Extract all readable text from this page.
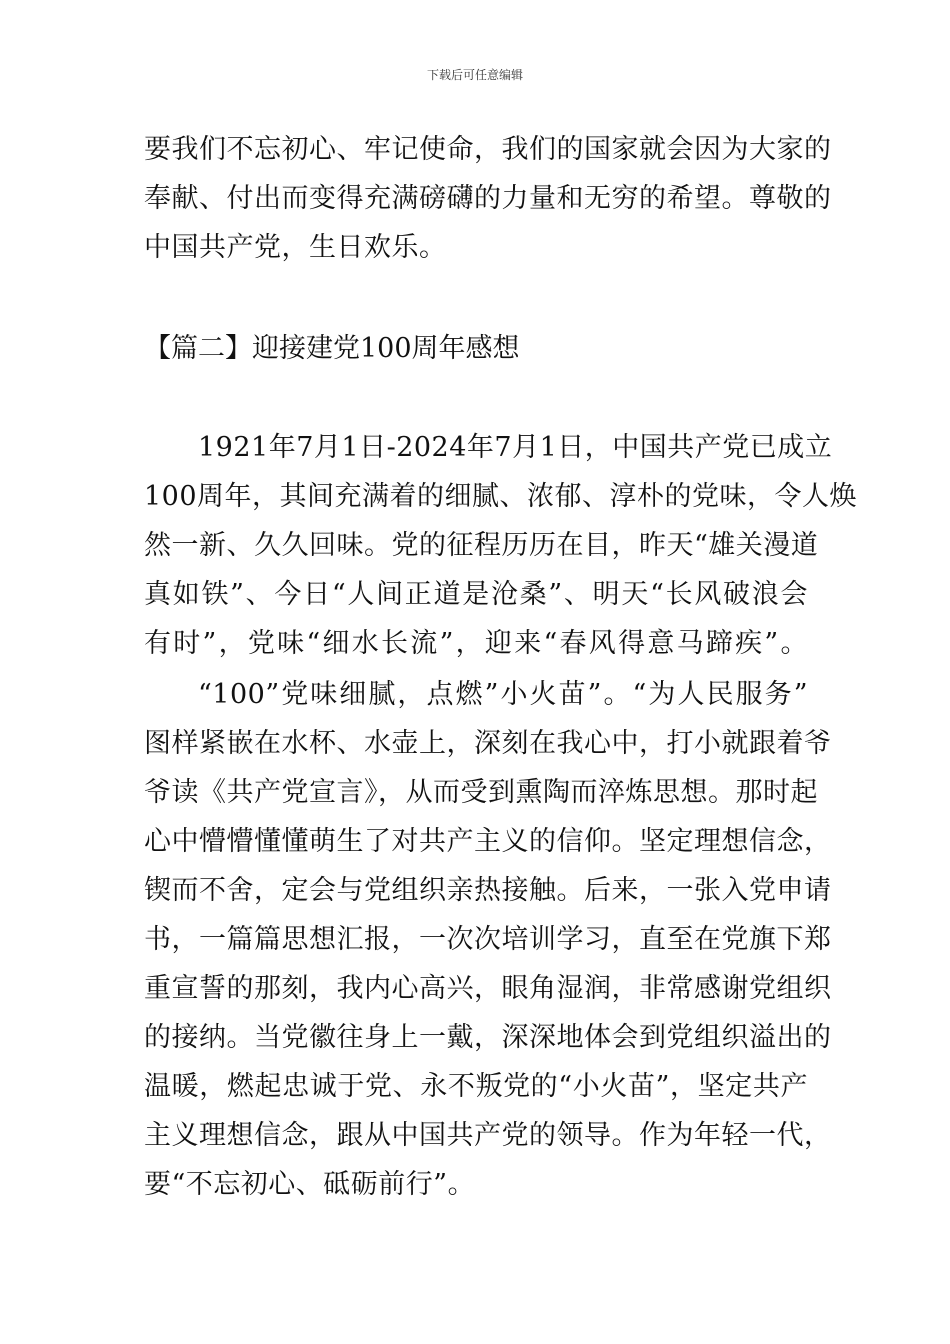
下载后可任意编辑
要我们不忘初心、牢记使命，我们的国家就会因为大家的
奉献、付出而变得充满磅礴的力量和无穷的希望。尊敬的
中国共产党，生日欢乐。
【篇二】迎接建党100周年感想
1921年7月1日-2024年7月1日，中国共产党已成立
100周年，其间充满着的细腻、浓郁、淳朴的党味，令人焕
然一新、久久回味。党的征程历历在目，昨天“雄关漫道
真如铁”、今日“人间正道是沧桑”、明天“长风破浪会
有时”，党味“细水长流”，迎来“春风得意马蹄疾”。
“100”党味细腻，点燃”小火苗”。“为人民服务”
图样紧嵌在水杯、水壶上，深刻在我心中，打小就跟着爷
爷读《共产党宣言》，从而受到熏陶而淬炼思想。那时起
心中懵懵懂懂萌生了对共产主义的信仰。坚定理想信念，
锲而不舍，定会与党组织亲热接触。后来，一张入党申请
书，一篇篇思想汇报，一次次培训学习，直至在党旗下郑
重宣誓的那刻，我内心高兴，眼角湿润，非常感谢党组织
的接纳。当党徽往身上一戴，深深地体会到党组织溢出的
温暖，燃起忠诚于党、永不叛党的“小火苗”，坚定共产
主义理想信念，跟从中国共产党的领导。作为年轻一代，
要“不忘初心、砥砺前行”。
